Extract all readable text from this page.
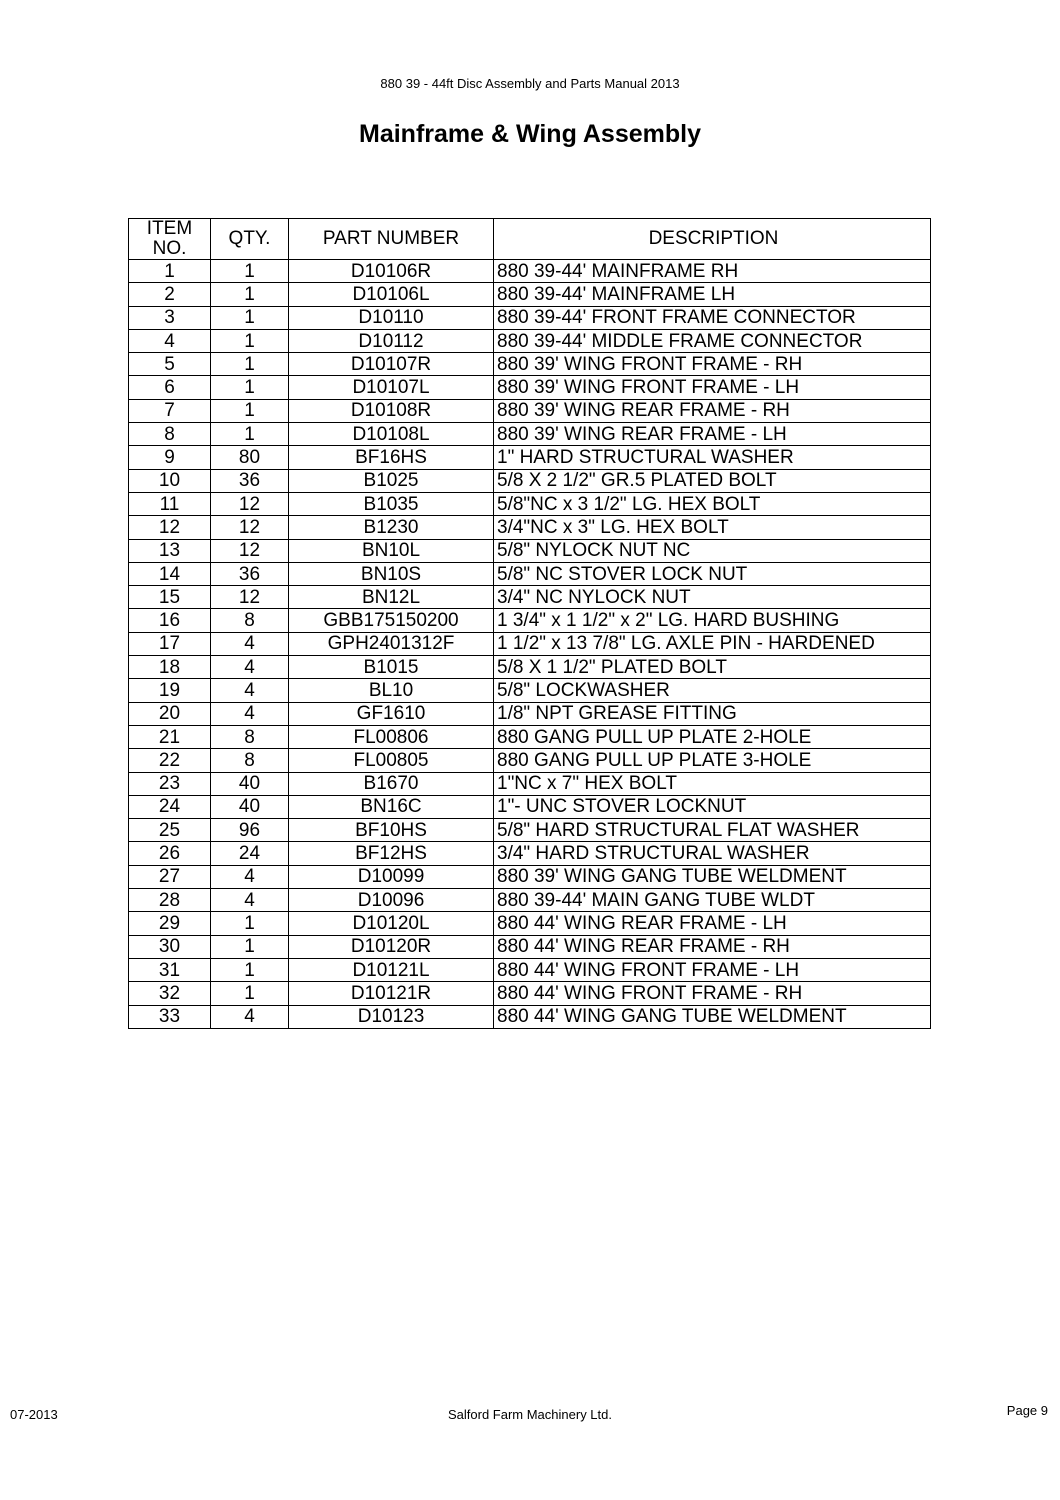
880 39 - 44ft Disc Assembly and Parts Manual 2013
Mainframe & Wing Assembly
ITEM
NO.	QTY.	PART NUMBER	DESCRIPTION
1	1	D10106R	880 39-44' MAINFRAME RH
2	1	D10106L	880 39-44' MAINFRAME LH
3	1	D10110	880 39-44' FRONT FRAME CONNECTOR
4	1	D10112	880 39-44' MIDDLE FRAME CONNECTOR
5	1	D10107R	880 39' WING FRONT FRAME - RH
6	1	D10107L	880 39' WING FRONT FRAME - LH
7	1	D10108R	880 39' WING REAR FRAME - RH
8	1	D10108L	880 39' WING REAR FRAME - LH
9	80	BF16HS	1" HARD STRUCTURAL WASHER
10	36	B1025	5/8 X 2 1/2" GR.5 PLATED BOLT
11	12	B1035	5/8"NC x 3 1/2" LG. HEX BOLT
12	12	B1230	3/4"NC x 3" LG. HEX BOLT
13	12	BN10L	5/8" NYLOCK NUT NC
14	36	BN10S	5/8" NC STOVER LOCK NUT
15	12	BN12L	3/4" NC NYLOCK NUT
16	8	GBB175150200	1 3/4" x 1 1/2" x 2" LG. HARD BUSHING
17	4	GPH2401312F	1 1/2" x 13 7/8" LG. AXLE PIN - HARDENED
18	4	B1015	5/8 X 1 1/2" PLATED BOLT
19	4	BL10	5/8" LOCKWASHER
20	4	GF1610	1/8" NPT GREASE FITTING
21	8	FL00806	880 GANG PULL UP PLATE 2-HOLE
22	8	FL00805	880 GANG PULL UP PLATE 3-HOLE
23	40	B1670	1"NC x 7" HEX BOLT
24	40	BN16C	1"- UNC STOVER LOCKNUT
25	96	BF10HS	5/8" HARD STRUCTURAL FLAT WASHER
26	24	BF12HS	3/4" HARD STRUCTURAL WASHER
27	4	D10099	880 39' WING GANG TUBE WELDMENT
28	4	D10096	880 39-44' MAIN GANG TUBE WLDT
29	1	D10120L	880 44' WING REAR FRAME - LH
30	1	D10120R	880 44' WING REAR FRAME - RH
31	1	D10121L	880 44' WING FRONT FRAME - LH
32	1	D10121R	880 44' WING FRONT FRAME - RH
33	4	D10123	880 44' WING GANG TUBE WELDMENT
07-2013	Salford Farm Machinery Ltd.	Page 9
